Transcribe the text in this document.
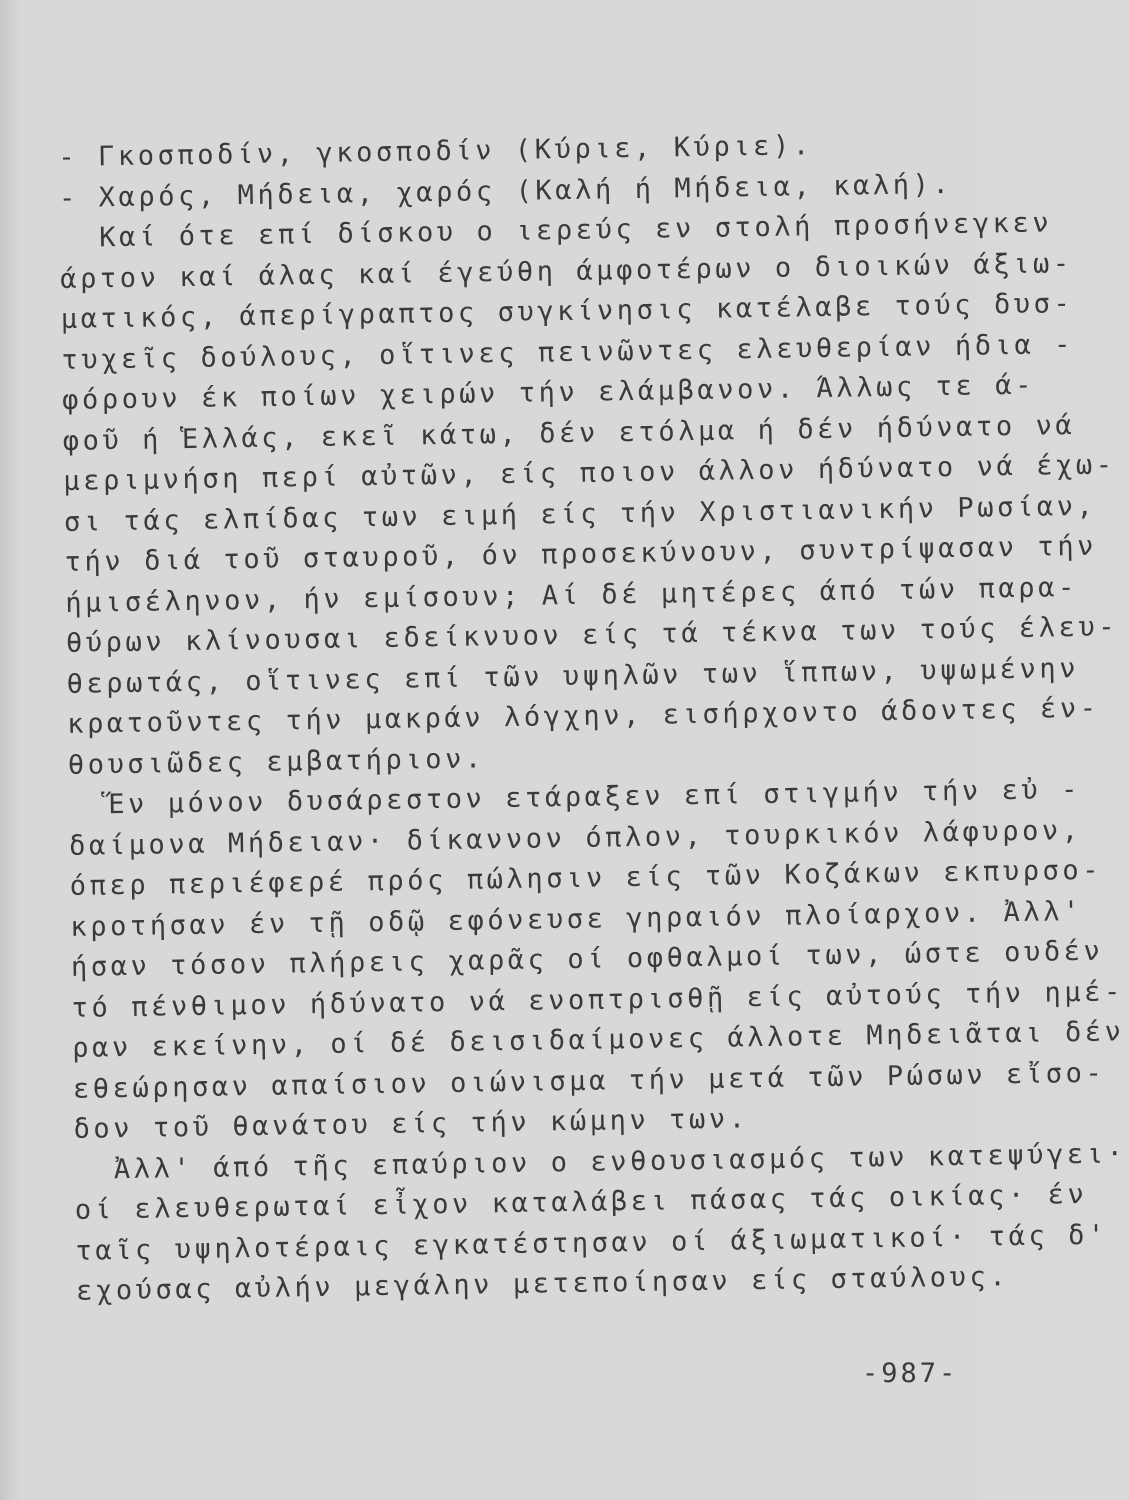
- Γκοσποδίν, γκοσποδίν (Κύριε, Κύριε).
- Χαρός, Μήδεια, χαρός (Καλή ή Μήδεια, καλή).
Καί ότε επί δίσκου ο ιερεύς εν στολή προσήνεγκεν
άρτον καί άλας καί έγεύθη άμφοτέρων ο διοικών άξιω-
ματικός, άπερίγραπτος συγκίνησις κατέλαβε τούς δυσ-
τυχεῖς δούλους, οἵτινες πεινῶντες ελευθερίαν ήδια -
φόρουν έκ ποίων χειρών τήν ελάμβανον. Άλλως τε ά-
φοῦ ή Ἑλλάς, εκεῖ κάτω, δέν ετόλμα ή δέν ήδύνατο νά
μεριμνήση περί αὐτῶν, είς ποιον άλλον ήδύνατο νά έχω-
σι τάς ελπίδας των ειμή είς τήν Χριστιανικήν Ρωσίαν,
τήν διά τοῦ σταυροῦ, όν προσεκύνουν, συντρίψασαν τήν
ήμισέληνον, ήν εμίσουν; Αί δέ μητέρες άπό τών παρα-
θύρων κλίνουσαι εδείκνυον είς τά τέκνα των τούς έλευ-
θερωτάς, οἵτινες επί τῶν υψηλῶν των ἵππων, υψωμένην
κρατοῦντες τήν μακράν λόγχην, εισήρχοντο άδοντες έν-
θουσιῶδες εμβατήριον.
Ἕν μόνον δυσάρεστον ετάραξεν επί στιγμήν τήν εὐ -
δαίμονα Μήδειαν· δίκαννον όπλον, τουρκικόν λάφυρον,
όπερ περιέφερέ πρός πώλησιν είς τῶν Κοζάκων εκπυρσο-
κροτήσαν έν τῇ οδῷ εφόνευσε γηραιόν πλοίαρχον. Ἀλλ'
ήσαν τόσον πλήρεις χαρᾶς οί οφθαλμοί των, ώστε ουδέν
τό πένθιμον ήδύνατο νά ενοπτρισθῇ είς αὐτούς τήν ημέ-
ραν εκείνην, οί δέ δεισιδαίμονες άλλοτε Μηδειᾶται δέν
εθεώρησαν απαίσιον οιώνισμα τήν μετά τῶν Ρώσων εἴσο-
δον τοῦ θανάτου είς τήν κώμην των.
Ἀλλ' άπό τῆς επαύριον ο ενθουσιασμός των κατεψύγει·
οί ελευθερωταί εἶχον καταλάβει πάσας τάς οικίας· έν
ταῖς υψηλοτέραις εγκατέστησαν οί άξιωματικοί· τάς δ'
εχούσας αὐλήν μεγάλην μετεποίησαν είς σταύλους.
-987-
